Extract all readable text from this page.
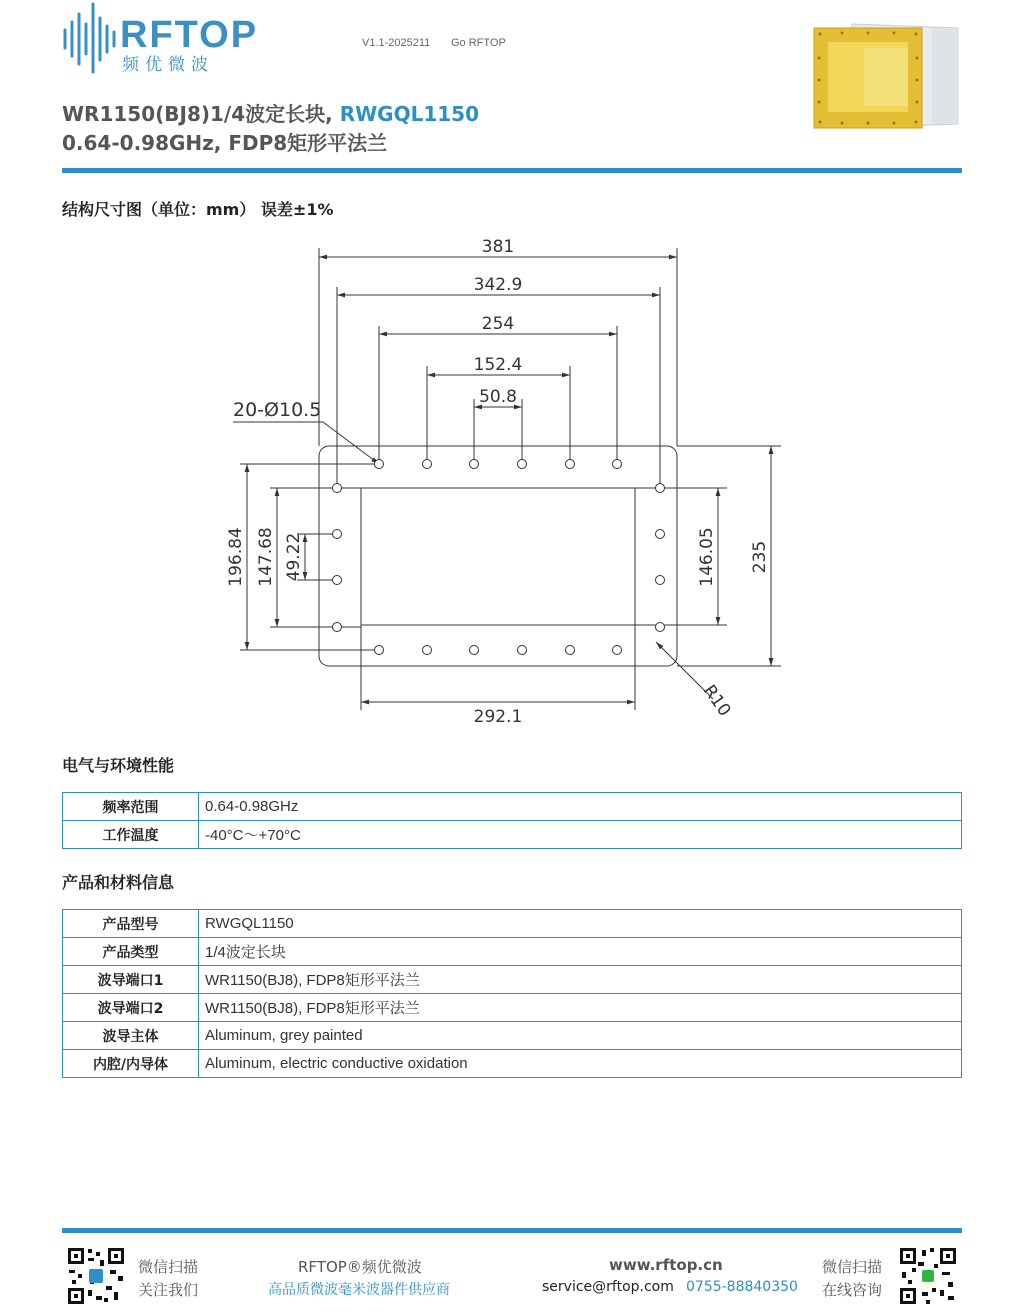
RFTOP
频优微波
V1.1-2025211 Go RFTOP
WR1150(BJ8)1/4波定长块, RWGQL1150
0.64-0.98GHz, FDP8矩形平法兰
结构尺寸图（单位：mm） 误差±1%
381
342.9
254
152.4
50.8
20-Ø10.5
196.84 147.68 49.22	146.05 235
292.1	R10
电气与环境性能
频率范围	0.64-0.98GHz
工作温度	-40°C～+70°C
产品和材料信息
产品型号	RWGQL1150
产品类型	1/4波定长块
波导端口1	WR1150(BJ8), FDP8矩形平法兰
波导端口2	WR1150(BJ8), FDP8矩形平法兰
波导主体	Aluminum, grey painted
内腔/内导体	Aluminum, electric conductive oxidation
微信扫描
关注我们
RFTOP®频优微波
高品质微波毫米波器件供应商
www.rftop.cn
service@rftop.com 0755-88840350
微信扫描
在线咨询
